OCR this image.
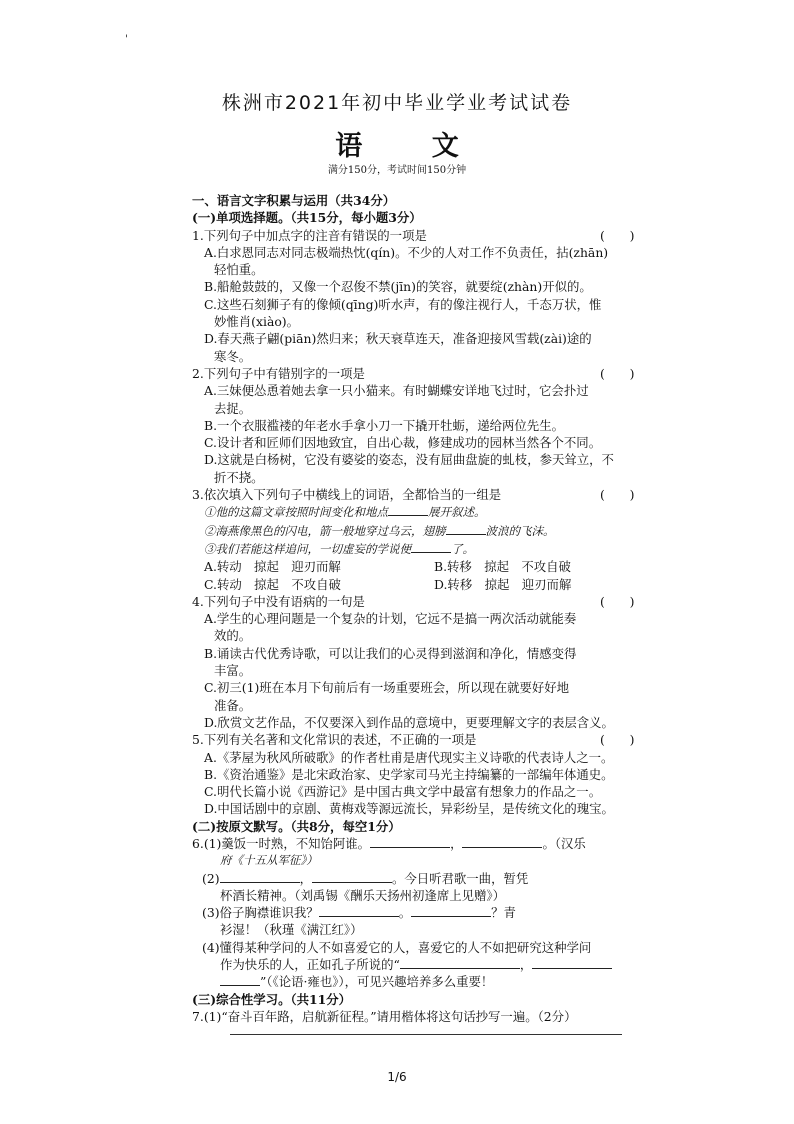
'
株洲市2021年初中毕业学业考试试卷
语 文
满分150分，考试时间150分钟
一、语言文字积累与运用（共34分）
(一)单项选择题。（共15分，每小题3分）
1.下列句子中加点字的注音有错误的一项是	(　　)
A.白求恩同志对同志极端热忱(qín)。不少的人对工作不负责任，拈(zhān)
轻怕重。
B.船舱鼓鼓的，又像一个忍俊不禁(jīn)的笑容，就要绽(zhàn)开似的。
C.这些石刻狮子有的像倾(qīng)听水声，有的像注视行人，千态万状，惟
妙惟肖(xiào)。
D.春天燕子翩(piān)然归来；秋天衰草连天，准备迎接风雪载(zài)途的
寒冬。
2.下列句子中有错别字的一项是	(　　)
A.三妹便怂恿着她去拿一只小猫来。有时蝴蝶安详地飞过时，它会扑过
去捉。
B.一个衣服褴褛的年老水手拿小刀一下撬开牡蛎，递给两位先生。
C.设计者和匠师们因地致宜，自出心裁，修建成功的园林当然各个不同。
D.这就是白杨树，它没有婆娑的姿态，没有屈曲盘旋的虬枝，参天耸立，不
折不挠。
3.依次填入下列句子中横线上的词语，全都恰当的一组是	(　　)
①他的这篇文章按照时间变化和地点	展开叙述。
②海燕像黑色的闪电，箭一般地穿过乌云，翅膀	波浪的飞沫。
③我们若能这样追问，一切虚妄的学说便	了。
A.转动　掠起　迎刃而解	B.转移　掠起　不攻自破
C.转动　掠起　不攻自破	D.转移　掠起　迎刃而解
4.下列句子中没有语病的一句是	(　　)
A.学生的心理问题是一个复杂的计划，它远不是搞一两次活动就能奏
效的。
B.诵读古代优秀诗歌，可以让我们的心灵得到滋润和净化，情感变得
丰富。
C.初三(1)班在本月下旬前后有一场重要班会，所以现在就要好好地
准备。
D.欣赏文艺作品，不仅要深入到作品的意境中，更要理解文字的表层含义。
5.下列有关名著和文化常识的表述，不正确的一项是	(　　)
A.《茅屋为秋风所破歌》的作者杜甫是唐代现实主义诗歌的代表诗人之一。
B.《资治通鉴》是北宋政治家、史学家司马光主持编纂的一部编年体通史。
C.明代长篇小说《西游记》是中国古典文学中最富有想象力的作品之一。
D.中国话剧中的京剧、黄梅戏等源远流长，异彩纷呈，是传统文化的瑰宝。
(二)按原文默写。（共8分，每空1分）
6.(1)羹饭一时熟，不知饴阿谁。	，	。（汉乐
府《十五从军征》）
(2)	，	。今日听君歌一曲，暂凭
杯酒长精神。（刘禹锡《酬乐天扬州初逢席上见赠》）
(3)俗子胸襟谁识我？	。	？青
衫湿！（秋瑾《满江红》）
(4)懂得某种学问的人不如喜爱它的人，喜爱它的人不如把研究这种学问
作为快乐的人，正如孔子所说的“	，
”（《论语·雍也》），可见兴趣培养多么重要！
(三)综合性学习。（共11分）
7.(1)“奋斗百年路，启航新征程。”请用楷体将这句话抄写一遍。（2分）
1/6
